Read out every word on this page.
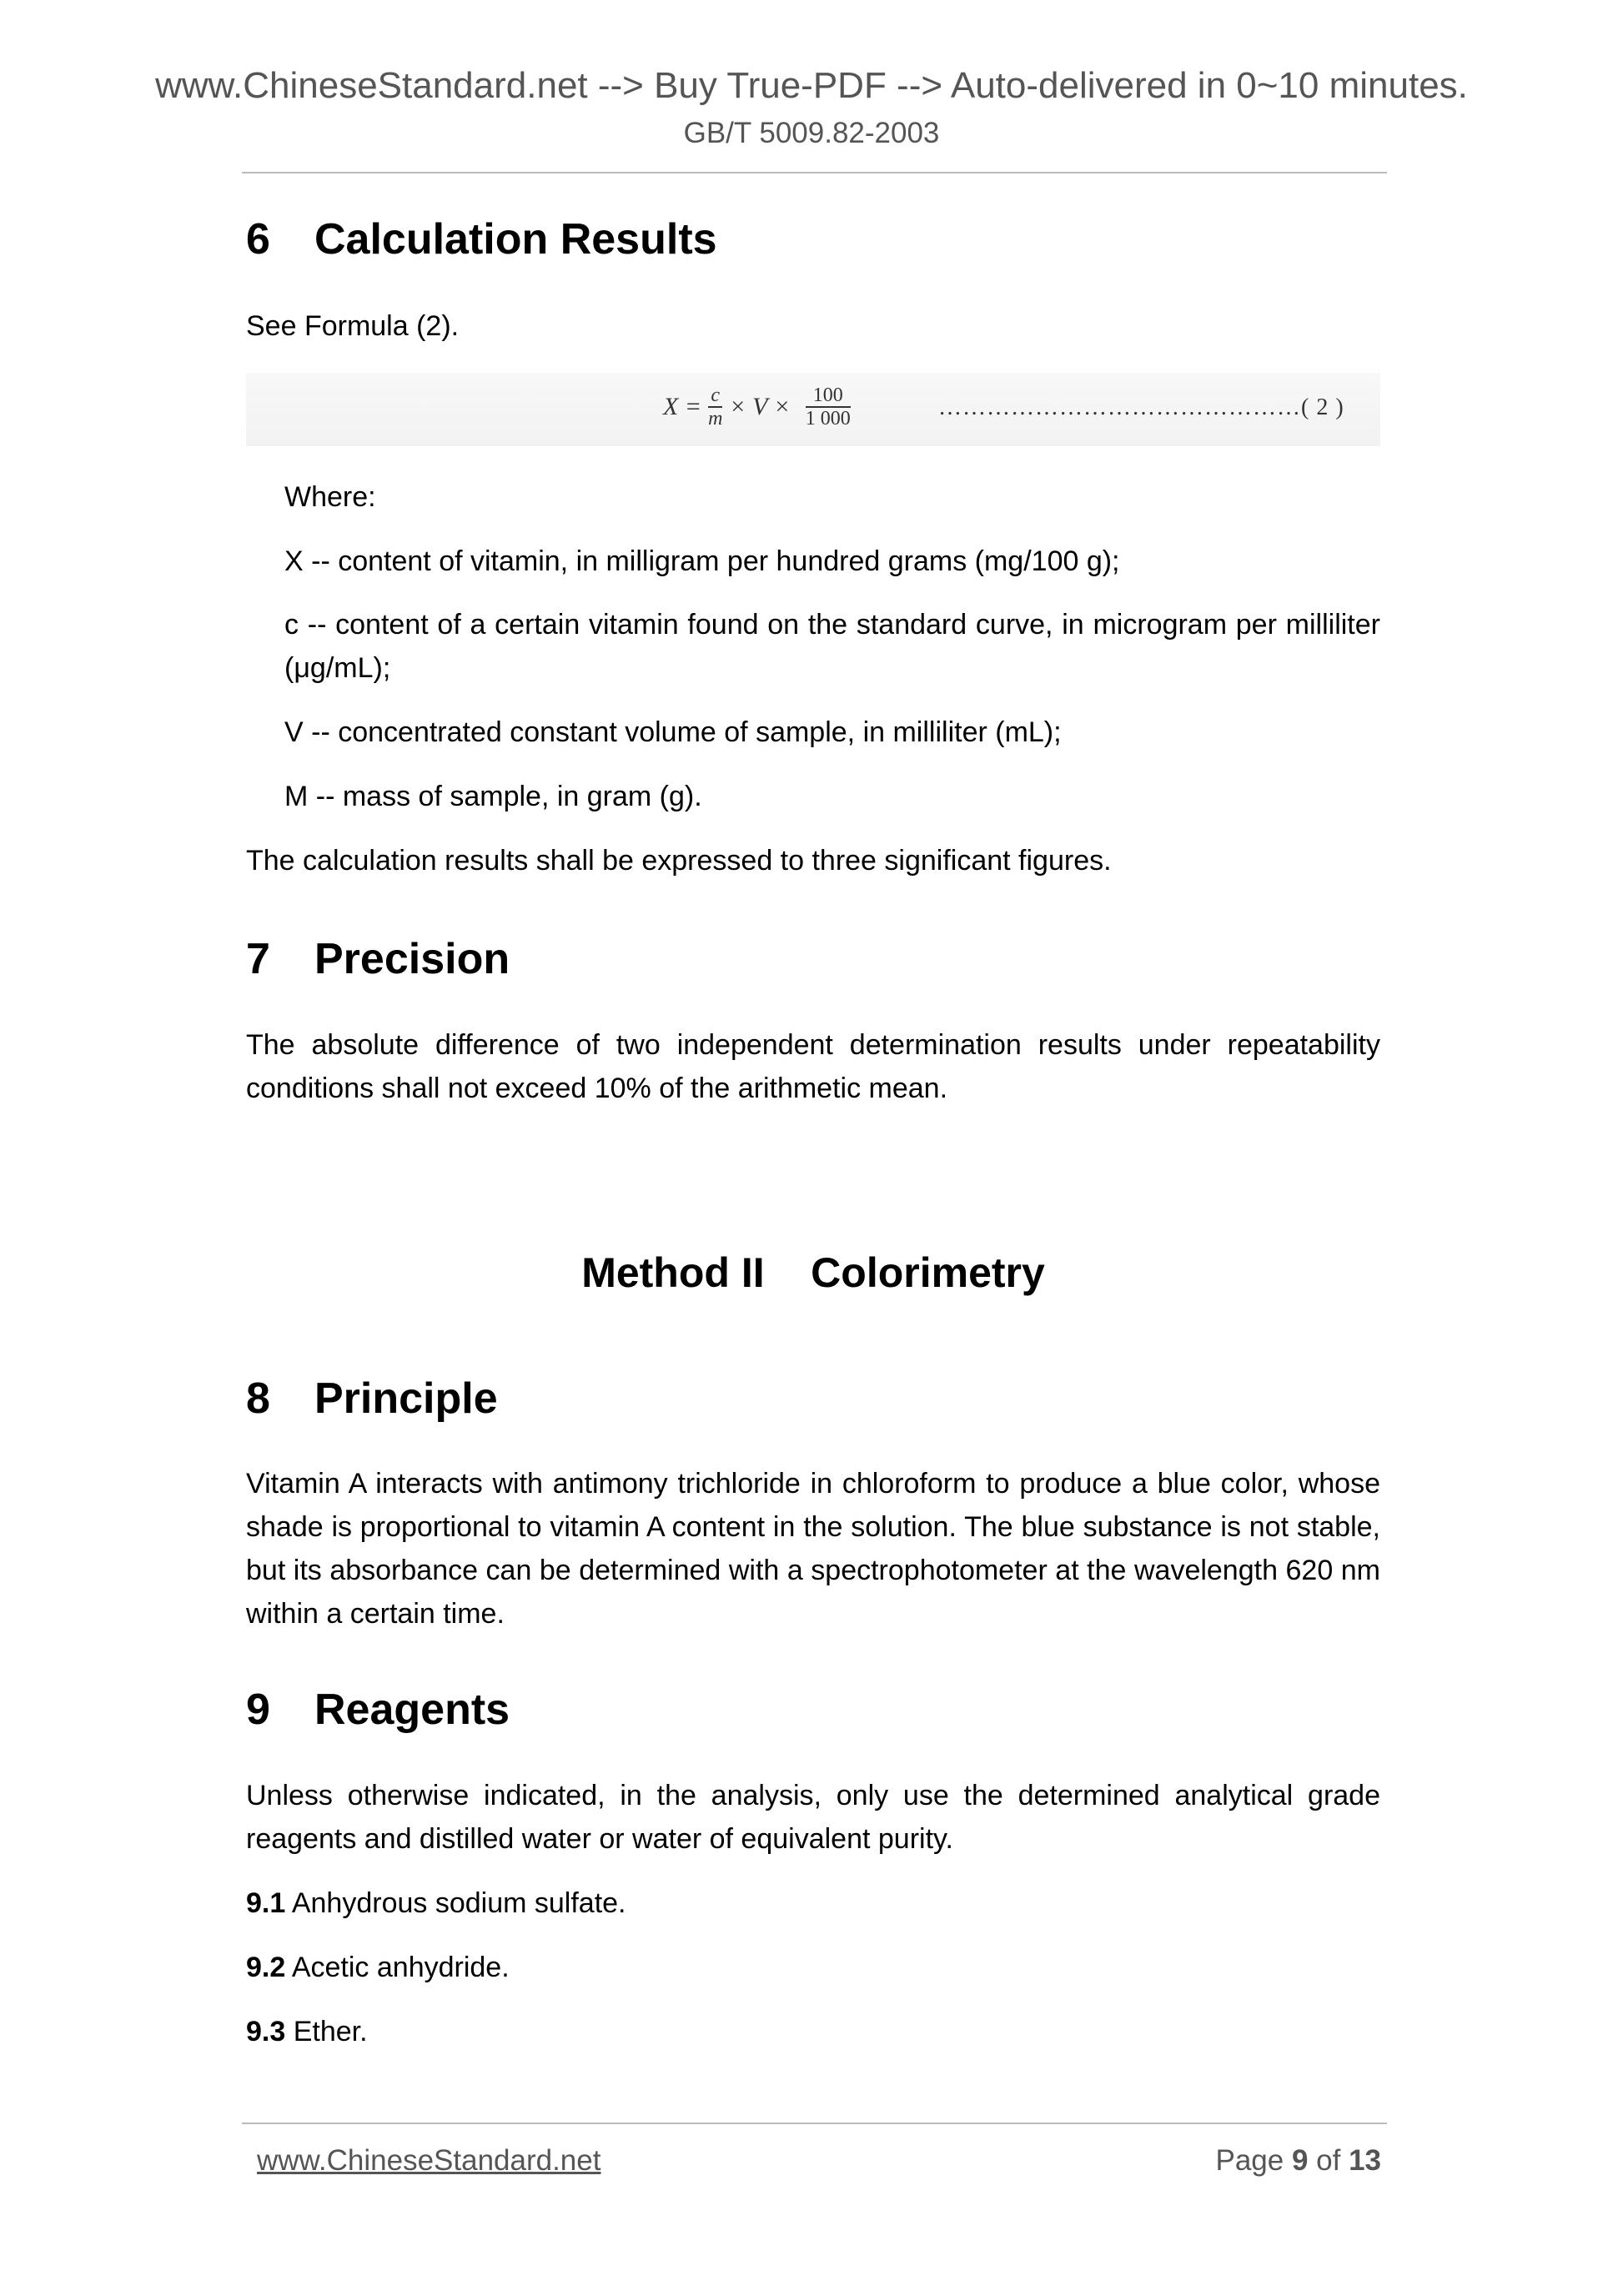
www.ChineseStandard.net --> Buy True-PDF --> Auto-delivered in 0~10 minutes.
GB/T 5009.82-2003
6 Calculation Results
See Formula (2).
$X = \frac{c}{m} \times V \times \frac{100}{1 000}$	………………………………………( 2 )
Where:
X -- content of vitamin, in milligram per hundred grams (mg/100 g);
c -- content of a certain vitamin found on the standard curve, in microgram per milliliter (μg/mL);
V -- concentrated constant volume of sample, in milliliter (mL);
M -- mass of sample, in gram (g).
The calculation results shall be expressed to three significant figures.
7 Precision
The absolute difference of two independent determination results under repeatability conditions shall not exceed 10% of the arithmetic mean.
Method II    Colorimetry
8 Principle
Vitamin A interacts with antimony trichloride in chloroform to produce a blue color, whose shade is proportional to vitamin A content in the solution. The blue substance is not stable, but its absorbance can be determined with a spectrophotometer at the wavelength 620 nm within a certain time.
9 Reagents
Unless otherwise indicated, in the analysis, only use the determined analytical grade reagents and distilled water or water of equivalent purity.
9.1 Anhydrous sodium sulfate.
9.2 Acetic anhydride.
9.3 Ether.
www.ChineseStandard.net	Page 9 of 13
